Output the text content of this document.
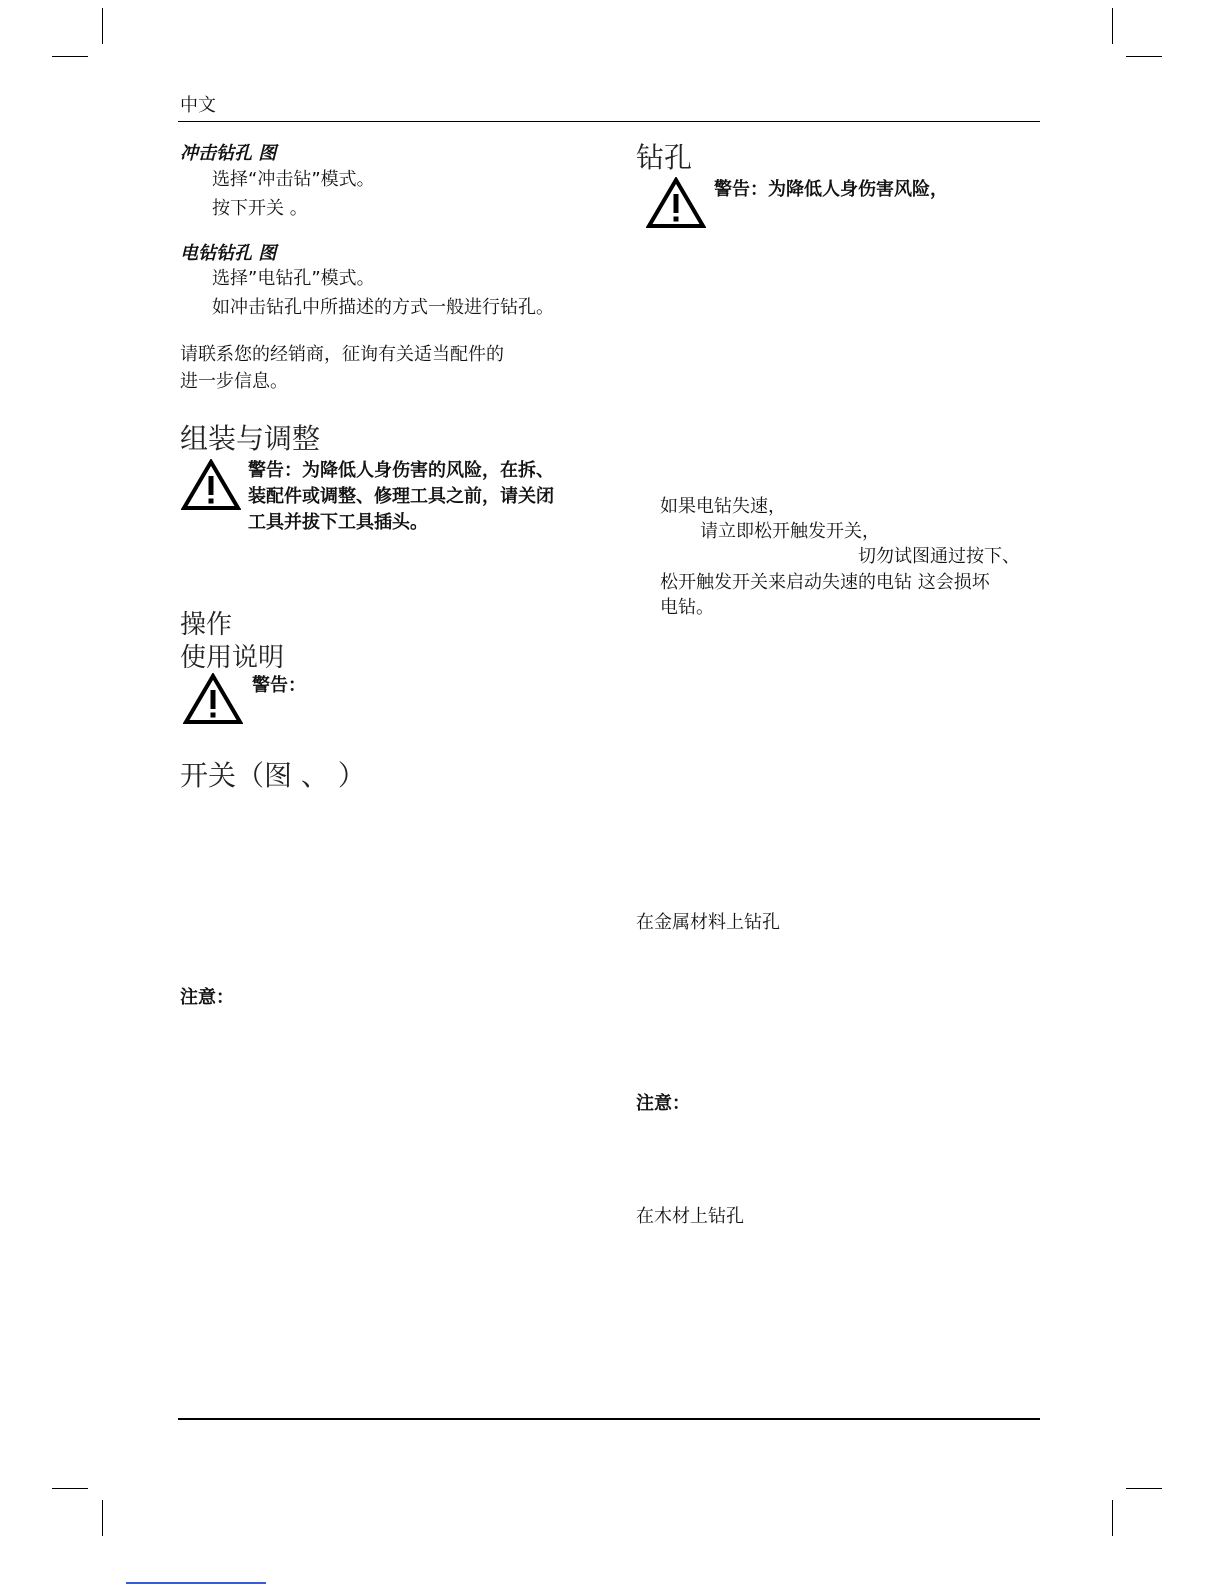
中文
冲击钻孔 图
选择“冲击钻”模式。
按下开关 。
电钻钻孔 图
选择”电钻孔”模式。
如冲击钻孔中所描述的方式一般进行钻孔。
请联系您的经销商，征询有关适当配件的
进一步信息。
组装与调整
警告：为降低人身伤害的风险，在拆、
装配件或调整、修理工具之前，请关闭
工具并拔下工具插头。
操作
使用说明
警告：
开关（图 、 ）
注意：
钻孔
警告：为降低人身伤害风险，
如果电钻失速，
请立即松开触发开关，
切勿试图通过按下、
松开触发开关来启动失速的电钻 这会损坏
电钻。
在金属材料上钻孔
注意：
在木材上钻孔
